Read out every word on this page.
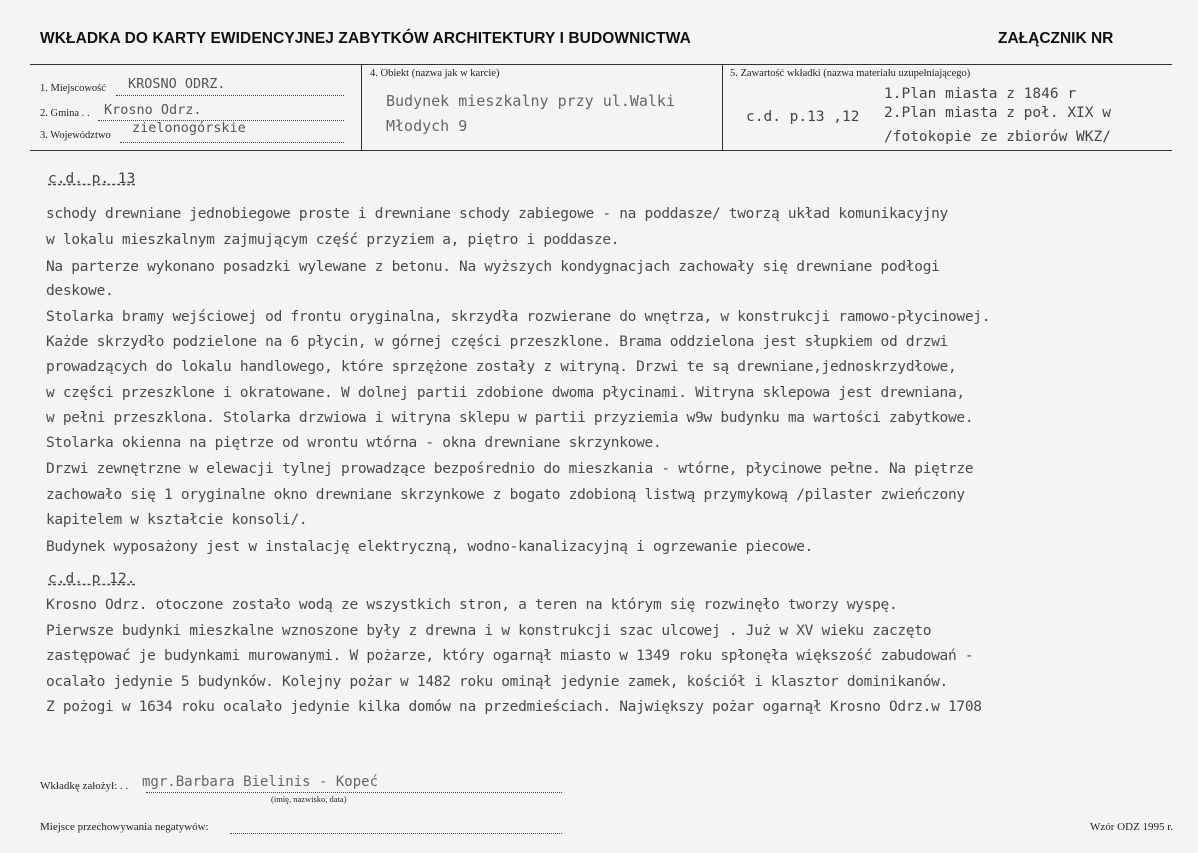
WKŁADKA DO KARTY EWIDENCYJNEJ ZABYTKÓW ARCHITEKTURY I BUDOWNICTWA	ZAŁĄCZNIK NR
1. Miejscowość KROSNO ODRZ.
2. Gmina . . Krosno Odrz.
3. Województwo zielonogórskie
4. Obiekt (nazwa jak w karcie)
Budynek mieszkalny przy ul.Walki
Młodych 9
5. Zawartość wkładki (nazwa materiału uzupełniającego)
c.d. p.13 ,12
1.Plan miasta z 1846 r
2.Plan miasta z poł. XIX w
/fotokopie ze zbiorów WKZ/
c.d. p. 13
schody drewniane jednobiegowe proste i drewniane schody zabiegowe - na poddasze/ tworzą układ komunikacyjny
w lokalu mieszkalnym zajmującym część przyziem a, piętro i poddasze.
Na parterze wykonano posadzki wylewane z betonu. Na wyższych kondygnacjach zachowały się drewniane podłogi
deskowe.
Stolarka bramy wejściowej od frontu oryginalna, skrzydła rozwierane do wnętrza, w konstrukcji ramowo-płycinowej.
Każde skrzydło podzielone na 6 płycin, w górnej części przeszklone. Brama oddzielona jest słupkiem od drzwi
prowadzących do lokalu handlowego, które sprzężone zostały z witryną. Drzwi te są drewniane,jednoskrzydłowe,
w części przeszklone i okratowane. W dolnej partii zdobione dwoma płycinami. Witryna sklepowa jest drewniana,
w pełni przeszklona. Stolarka drzwiowa i witryna sklepu w partii przyziemia w9w budynku ma wartości zabytkowe.
Stolarka okienna na piętrze od wrontu wtórna - okna drewniane skrzynkowe.
Drzwi zewnętrzne w elewacji tylnej prowadzące bezpośrednio do mieszkania - wtórne, płycinowe pełne. Na piętrze
zachowało się 1 oryginalne okno drewniane skrzynkowe z bogato zdobioną listwą przymykową /pilaster zwieńczony
kapitelem w kształcie konsoli/.
Budynek wyposażony jest w instalację elektryczną, wodno-kanalizacyjną i ogrzewanie piecowe.
c.d. p 12.
Krosno Odrz. otoczone zostało wodą ze wszystkich stron, a teren na którym się rozwinęło tworzy wyspę.
Pierwsze budynki mieszkalne wznoszone były z drewna i w konstrukcji szac ulcowej . Już w XV wieku zaczęto
zastępować je budynkami murowanymi. W pożarze, który ogarnął miasto w 1349 roku spłonęła większość zabudowań -
ocalało jedynie 5 budynków. Kolejny pożar w 1482 roku ominął jedynie zamek, kościół i klasztor dominikanów.
Z pożogi w 1634 roku ocalało jedynie kilka domów na przedmieściach. Największy pożar ogarnął Krosno Odrz.w 1708
Wkładkę założył: . . mgr.Barbara Bielinis - Kopeć
(imię, nazwisko, data)
Miejsce przechowywania negatywów:	Wzór ODZ 1995 r.
